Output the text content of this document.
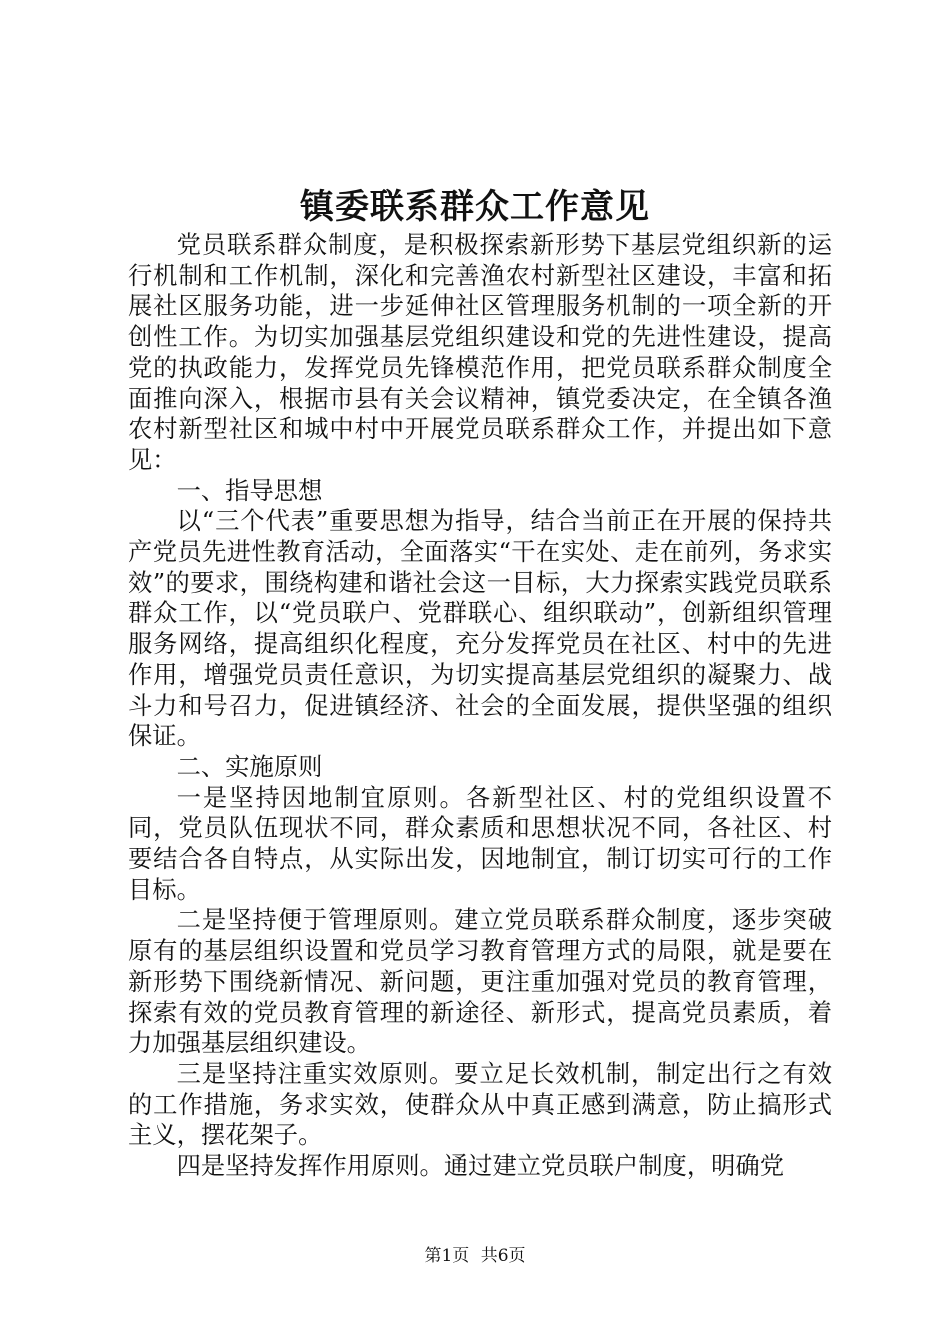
镇委联系群众工作意见

党员联系群众制度，是积极探索新形势下基层党组织新的运行机制和工作机制，深化和完善渔农村新型社区建设，丰富和拓展社区服务功能，进一步延伸社区管理服务机制的一项全新的开创性工作。为切实加强基层党组织建设和党的先进性建设，提高党的执政能力，发挥党员先锋模范作用，把党员联系群众制度全面推向深入，根据市县有关会议精神，镇党委决定，在全镇各渔农村新型社区和城中村中开展党员联系群众工作，并提出如下意见：

一、指导思想

以“三个代表”重要思想为指导，结合当前正在开展的保持共产党员先进性教育活动，全面落实“干在实处、走在前列，务求实效”的要求，围绕构建和谐社会这一目标，大力探索实践党员联系群众工作，以“党员联户、党群联心、组织联动”，创新组织管理服务网络，提高组织化程度，充分发挥党员在社区、村中的先进作用，增强党员责任意识，为切实提高基层党组织的凝聚力、战斗力和号召力，促进镇经济、社会的全面发展，提供坚强的组织保证。

二、实施原则

一是坚持因地制宜原则。各新型社区、村的党组织设置不同，党员队伍现状不同，群众素质和思想状况不同，各社区、村要结合各自特点，从实际出发，因地制宜，制订切实可行的工作目标。

二是坚持便于管理原则。建立党员联系群众制度，逐步突破原有的基层组织设置和党员学习教育管理方式的局限，就是要在新形势下围绕新情况、新问题，更注重加强对党员的教育管理，探索有效的党员教育管理的新途径、新形式，提高党员素质，着力加强基层组织建设。

三是坚持注重实效原则。要立足长效机制，制定出行之有效的工作措施，务求实效，使群众从中真正感到满意，防止搞形式主义，摆花架子。

四是坚持发挥作用原则。通过建立党员联户制度，明确党

第1页 共6页
